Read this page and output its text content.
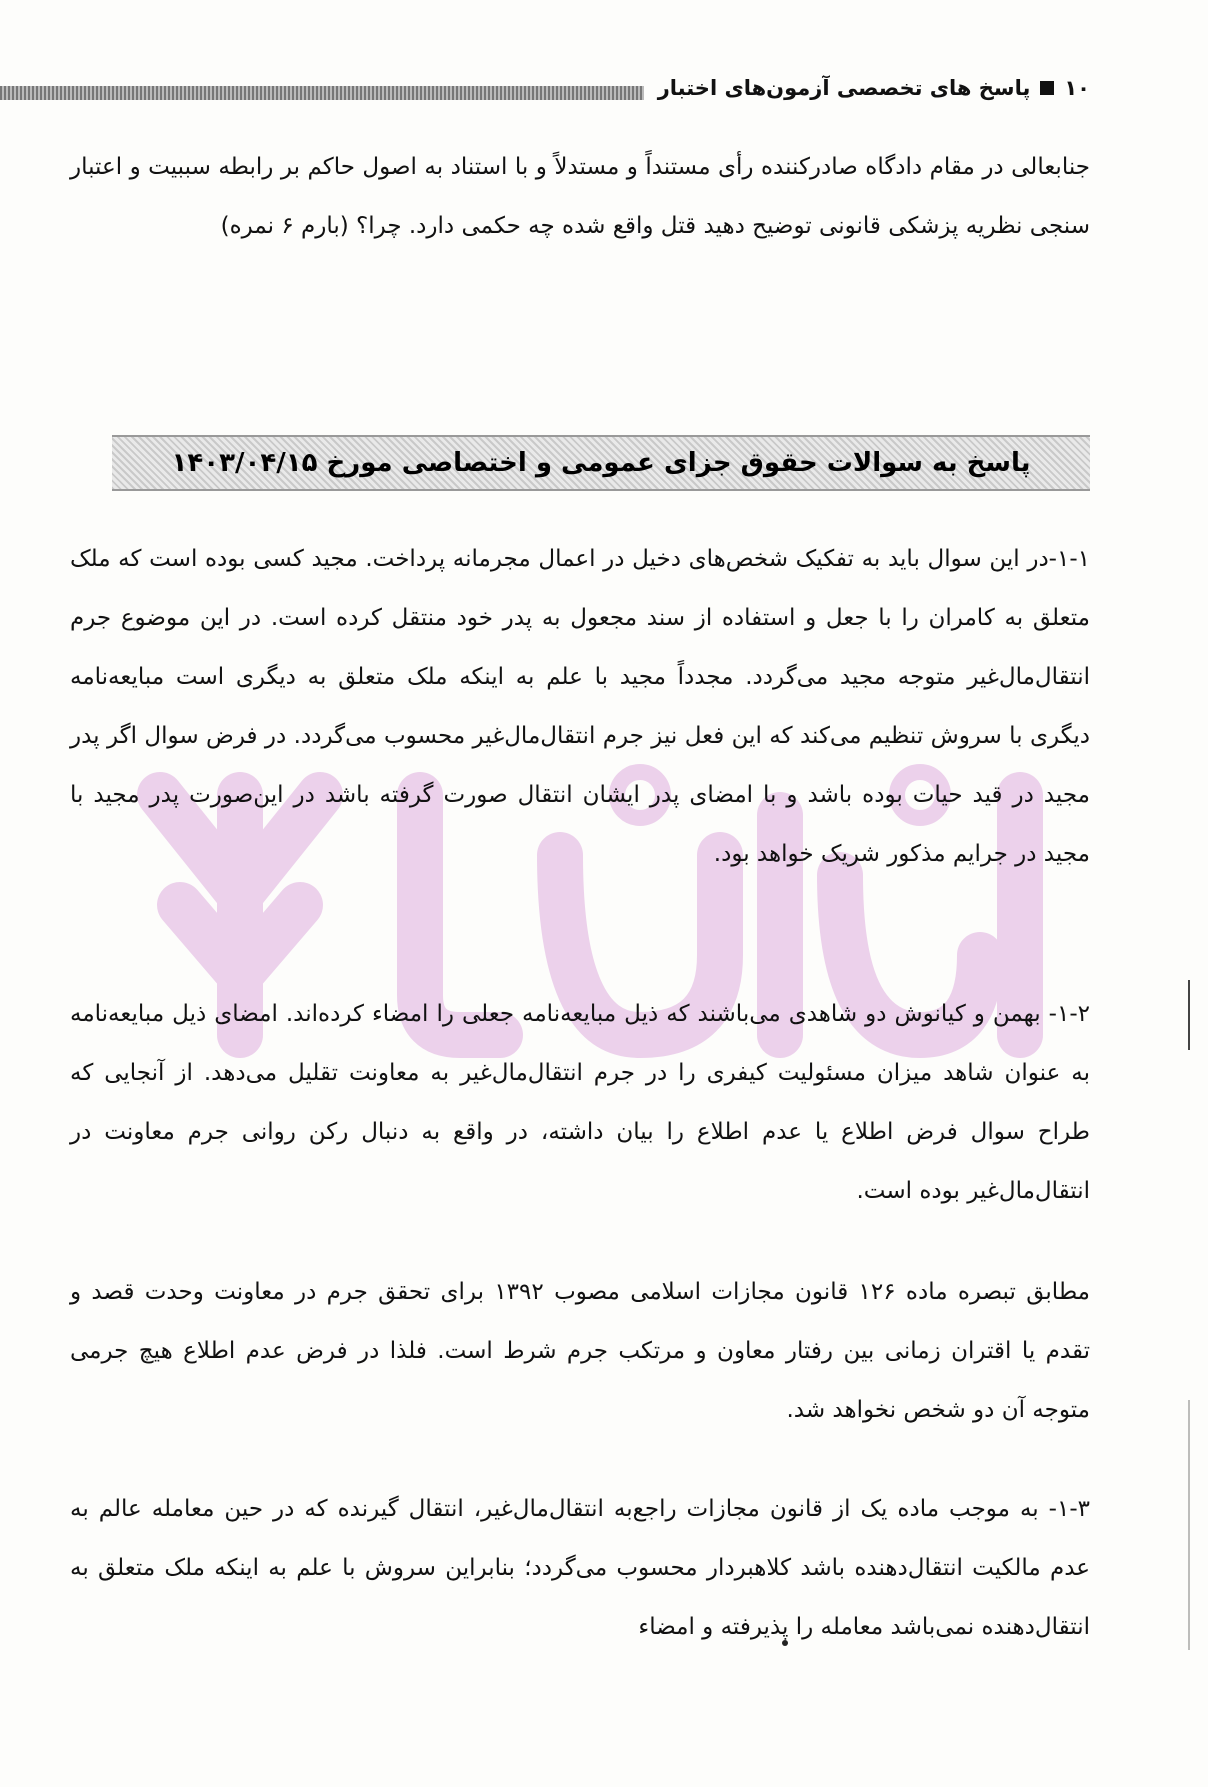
۱۰
پاسخ های تخصصی آزمون‌های اختبار
جنابعالی در مقام دادگاه صادرکننده رأی مستنداً و مستدلاً و با استناد به اصول حاکم بر رابطه سببیت و اعتبار سنجی نظریه پزشکی قانونی توضیح دهید قتل واقع شده چه حکمی دارد. چرا؟ (بارم ۶ نمره)
پاسخ به سوالات حقوق جزای عمومی و اختصاصی مورخ ۱۴۰۳/۰۴/۱۵
۱-۱-در این سوال باید به تفکیک شخص‌های دخیل در اعمال مجرمانه پرداخت. مجید کسی بوده است که ملک متعلق به کامران را با جعل و استفاده از سند مجعول به پدر خود منتقل کرده است. در این موضوع جرم انتقال‌مال‌غیر متوجه مجید می‌گردد. مجدداً مجید با علم به اینکه ملک متعلق به دیگری است مبایعه‌نامه دیگری با سروش تنظیم می‌کند که این فعل نیز جرم انتقال‌مال‌غیر محسوب می‌گردد. در فرض سوال اگر پدر مجید در قید حیات بوده باشد و با امضای پدر ایشان انتقال صورت گرفته باشد در این‌صورت پدر مجید با مجید در جرایم مذکور شریک خواهد بود.
۱-۲- بهمن و کیانوش دو شاهدی می‌باشند که ذیل مبایعه‌نامه جعلی را امضاء کرده‌اند. امضای ذیل مبایعه‌نامه به عنوان شاهد میزان مسئولیت کیفری را در جرم انتقال‌مال‌غیر به معاونت تقلیل می‌دهد. از آنجایی که طراح سوال فرض اطلاع یا عدم اطلاع را بیان داشته، در واقع به دنبال رکن روانی جرم معاونت در انتقال‌مال‌غیر بوده است.
مطابق تبصره ماده ۱۲۶ قانون مجازات اسلامی مصوب ۱۳۹۲ برای تحقق جرم در معاونت وحدت قصد و تقدم یا اقتران زمانی بین رفتار معاون و مرتکب جرم شرط است. فلذا در فرض عدم اطلاع هیچ جرمی متوجه آن دو شخص نخواهد شد.
۱-۳- به موجب ماده یک از قانون مجازات راجع‌به انتقال‌مال‌غیر، انتقال گیرنده که در حین معامله عالم به عدم مالکیت انتقال‌دهنده باشد کلاهبردار محسوب می‌گردد؛ بنابراین سروش با علم به اینکه ملک متعلق به انتقال‌دهنده نمی‌باشد معامله را پذیرفته و امضاء
